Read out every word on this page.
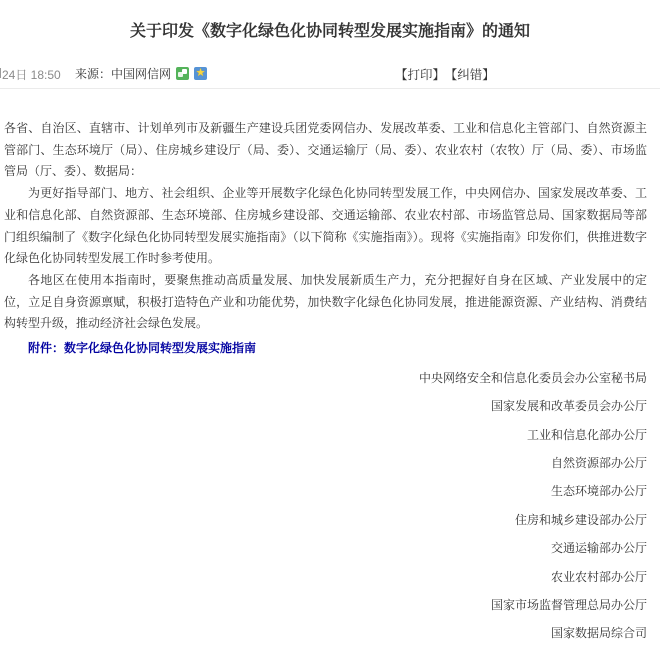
关于印发《数字化绿色化协同转型发展实施指南》的通知
24日 18:50 来源：中国网信网 ★	【打印】 【纠错】

各省、自治区、直辖市、计划单列市及新疆生产建设兵团党委网信办、发展改革委、工业和信息化主管部门、自然资源主管部门、生态环境厅（局）、住房城乡建设厅（局、委）、交通运输厅（局、委）、农业农村（农牧）厅（局、委）、市场监管局（厅、委）、数据局：

为更好指导部门、地方、社会组织、企业等开展数字化绿色化协同转型发展工作，中央网信办、国家发展改革委、工业和信息化部、自然资源部、生态环境部、住房城乡建设部、交通运输部、农业农村部、市场监管总局、国家数据局等部门组织编制了《数字化绿色化协同转型发展实施指南》（以下简称《实施指南》）。现将《实施指南》印发你们，供推进数字化绿色化协同转型发展工作时参考使用。

各地区在使用本指南时，要聚焦推动高质量发展、加快发展新质生产力，充分把握好自身在区域、产业发展中的定位，立足自身资源禀赋，积极打造特色产业和功能优势，加快数字化绿色化协同发展，推进能源资源、产业结构、消费结构转型升级，推动经济社会绿色发展。

附件：数字化绿色化协同转型发展实施指南

中央网络安全和信息化委员会办公室秘书局
国家发展和改革委员会办公厅
工业和信息化部办公厅
自然资源部办公厅
生态环境部办公厅
住房和城乡建设部办公厅
交通运输部办公厅
农业农村部办公厅
国家市场监督管理总局办公厅
国家数据局综合司
